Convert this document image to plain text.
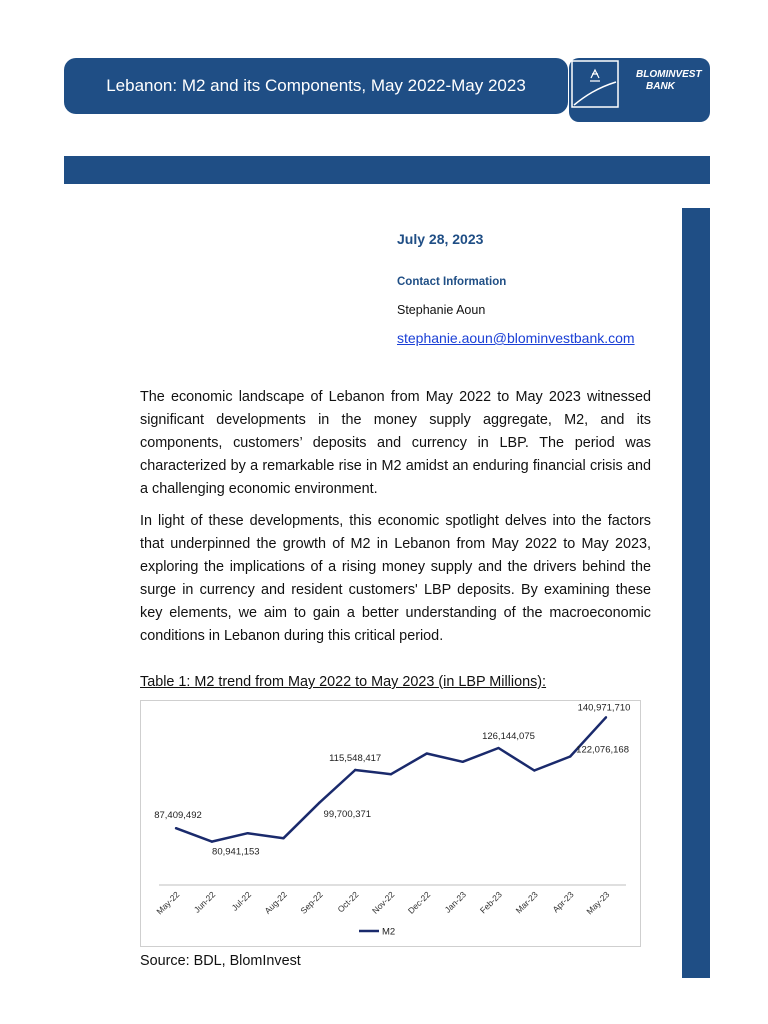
Lebanon: M2 and its Components, May 2022-May 2023
BLOMINVEST
BANK
July 28, 2023
Contact Information
Stephanie Aoun
stephanie.aoun@blominvestbank.com
The economic landscape of Lebanon from May 2022 to May 2023 witnessed significant developments in the money supply aggregate, M2, and its components, customers’ deposits and currency in LBP. The period was characterized by a remarkable rise in M2 amidst an enduring financial crisis and a challenging economic environment.
In light of these developments, this economic spotlight delves into the factors that underpinned the growth of M2 in Lebanon from May 2022 to May 2023, exploring the implications of a rising money supply and the drivers behind the surge in currency and resident customers' LBP deposits. By examining these key elements, we aim to gain a better understanding of the macroeconomic conditions in Lebanon during this critical period.
Table 1: M2 trend from May 2022 to May 2023 (in LBP Millions):
May-22 Jun-22 Jul-22 Aug-22 Sep-22 Oct-22 Nov-22 Dec-22 Jan-23 Feb-23 Mar-23 Apr-23 May-23
87,409,492
80,941,153
99,700,371
115,548,417
126,144,075
122,076,168
140,971,710
M2
Source: BDL, BlomInvest
